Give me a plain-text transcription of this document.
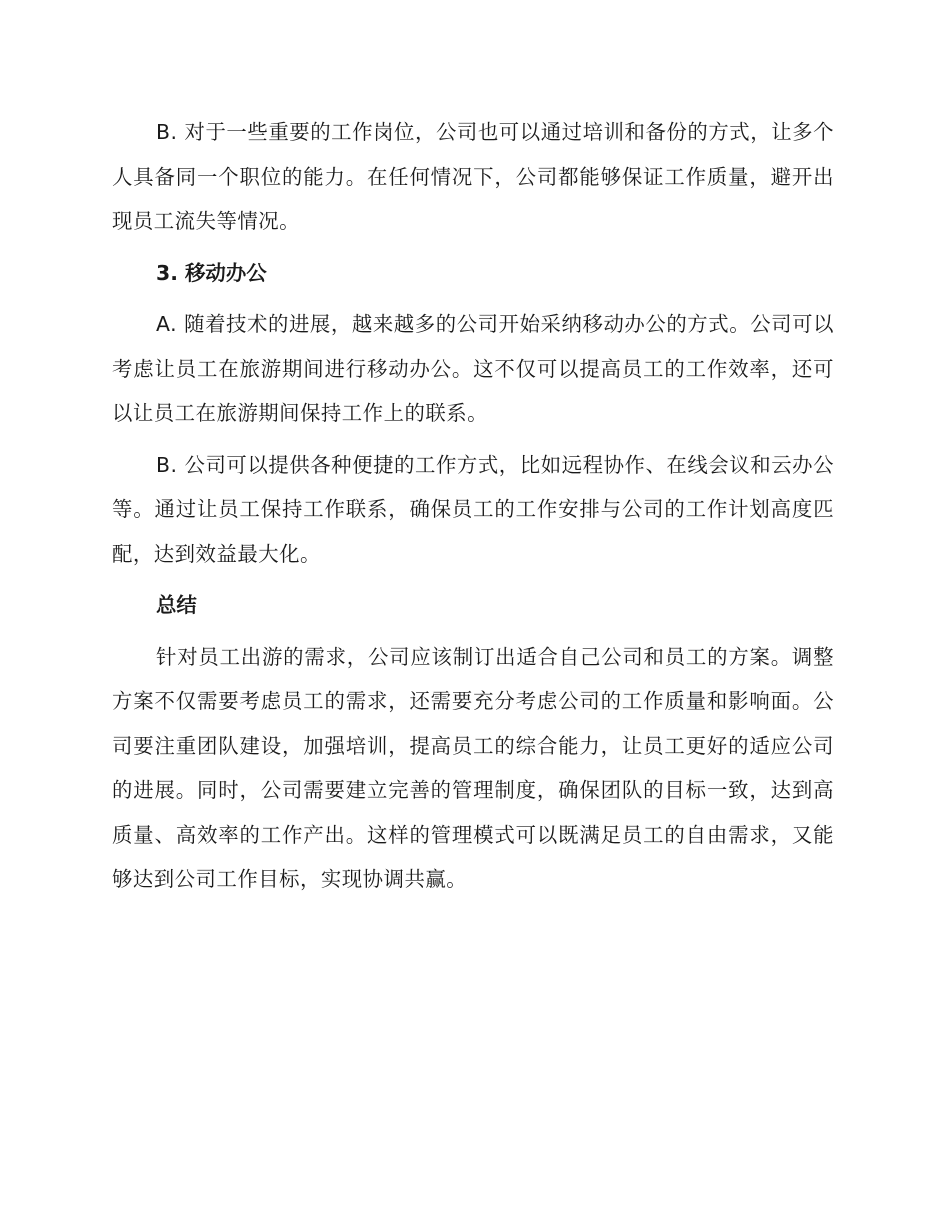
B. 对于一些重要的工作岗位，公司也可以通过培训和备份的方式，让多个人具备同一个职位的能力。在任何情况下，公司都能够保证工作质量，避开出现员工流失等情况。

3. 移动办公

A. 随着技术的进展，越来越多的公司开始采纳移动办公的方式。公司可以考虑让员工在旅游期间进行移动办公。这不仅可以提高员工的工作效率，还可以让员工在旅游期间保持工作上的联系。

B. 公司可以提供各种便捷的工作方式，比如远程协作、在线会议和云办公等。通过让员工保持工作联系，确保员工的工作安排与公司的工作计划高度匹配，达到效益最大化。

总结

针对员工出游的需求，公司应该制订出适合自己公司和员工的方案。调整方案不仅需要考虑员工的需求，还需要充分考虑公司的工作质量和影响面。公司要注重团队建设，加强培训，提高员工的综合能力，让员工更好的适应公司的进展。同时，公司需要建立完善的管理制度，确保团队的目标一致，达到高质量、高效率的工作产出。这样的管理模式可以既满足员工的自由需求，又能够达到公司工作目标，实现协调共赢。
